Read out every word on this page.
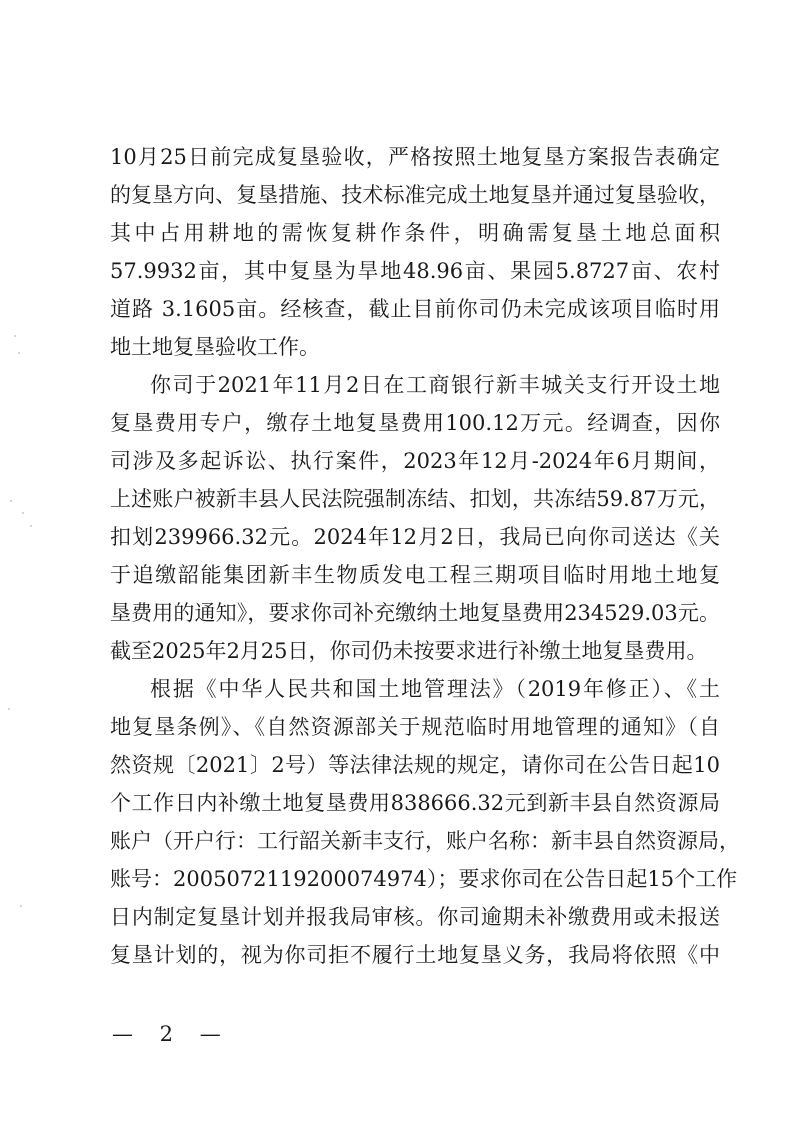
10月25日前完成复垦验收，严格按照土地复垦方案报告表确定
的复垦方向、复垦措施、技术标准完成土地复垦并通过复垦验收，
其中占用耕地的需恢复耕作条件，明确需复垦土地总面积
57.9932亩，其中复垦为旱地48.96亩、果园5.8727亩、农村
道路 3.1605亩。经核查，截止目前你司仍未完成该项目临时用
地土地复垦验收工作。
你司于2021年11月2日在工商银行新丰城关支行开设土地
复垦费用专户，缴存土地复垦费用100.12万元。经调查，因你
司涉及多起诉讼、执行案件，2023年12月-2024年6月期间，
上述账户被新丰县人民法院强制冻结、扣划，共冻结59.87万元，
扣划239966.32元。2024年12月2日，我局已向你司送达《关
于追缴韶能集团新丰生物质发电工程三期项目临时用地土地复
垦费用的通知》，要求你司补充缴纳土地复垦费用234529.03元。
截至2025年2月25日，你司仍未按要求进行补缴土地复垦费用。
根据《中华人民共和国土地管理法》（2019年修正）、《土
地复垦条例》、《自然资源部关于规范临时用地管理的通知》（自
然资规〔2021〕2号）等法律法规的规定，请你司在公告日起10
个工作日内补缴土地复垦费用838666.32元到新丰县自然资源局
账户（开户行：工行韶关新丰支行，账户名称：新丰县自然资源局，
账号：2005072119200074974）；要求你司在公告日起15个工作
日内制定复垦计划并报我局审核。你司逾期未补缴费用或未报送
复垦计划的，视为你司拒不履行土地复垦义务，我局将依照《中
— 2 —
